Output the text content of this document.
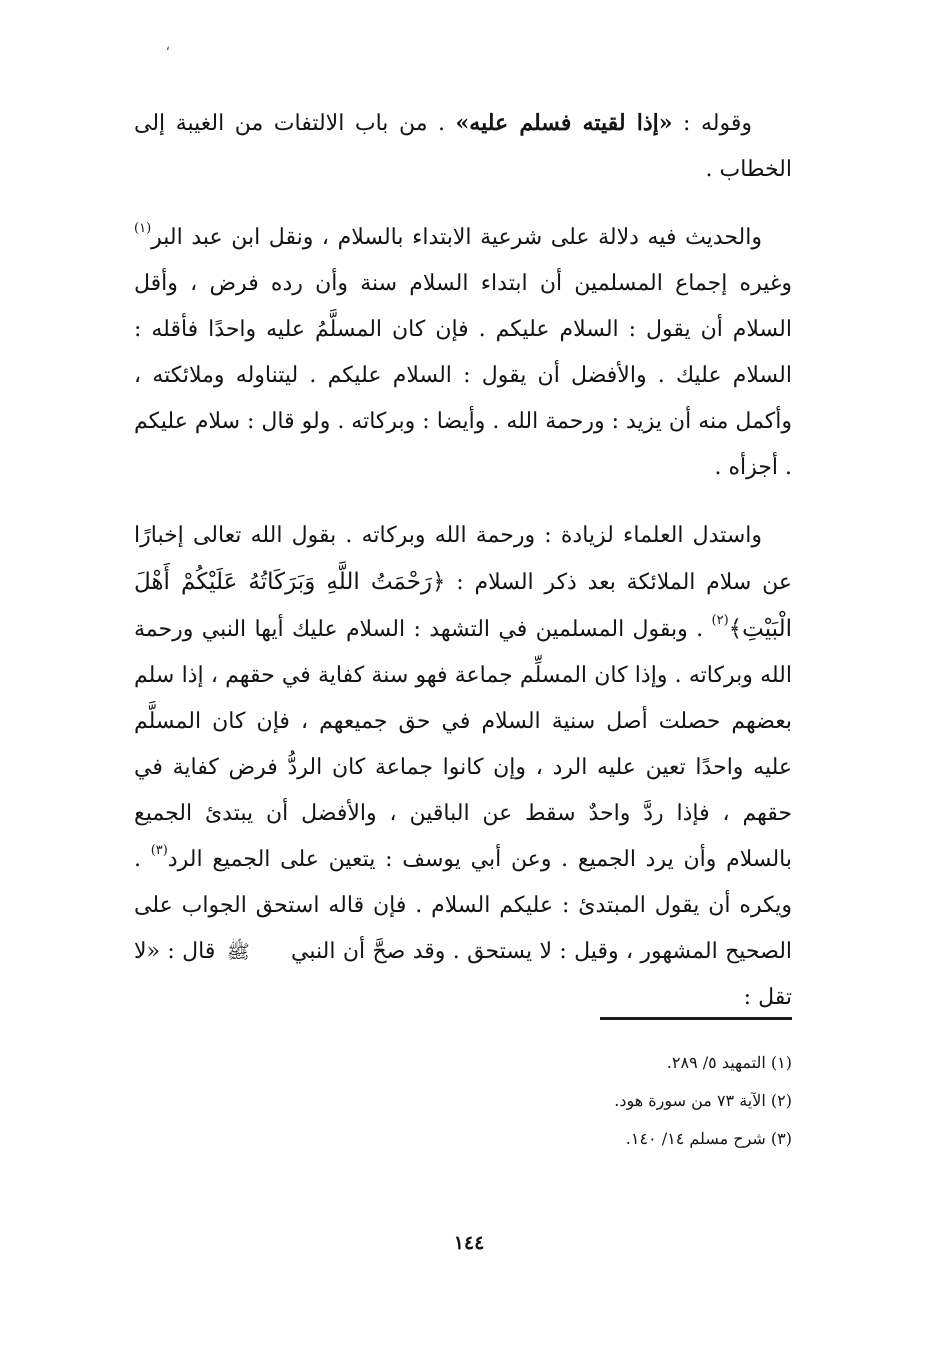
،

وقوله : «إذا لقيته فسلم عليه» . من باب الالتفات من الغيبة إلى الخطاب .

والحديث فيه دلالة على شرعية الابتداء بالسلام ، ونقل ابن عبد البر$^{(١)}$ وغيره إجماع المسلمين أن ابتداء السلام سنة وأن رده فرض ، وأقل السلام أن يقول : السلام عليكم . فإن كان المسلَّمُ عليه واحدًا فأقله : السلام عليك . والأفضل أن يقول : السلام عليكم . ليتناوله وملائكته ، وأكمل منه أن يزيد : ورحمة الله . وأيضا : وبركاته . ولو قال : سلام عليكم . أجزأه .

واستدل العلماء لزيادة : ورحمة الله وبركاته . بقول الله تعالى إخبارًا عن سلام الملائكة بعد ذكر السلام : ﴿رَحْمَتُ اللَّهِ وَبَرَكَاتُهُ عَلَيْكُمْ أَهْلَ الْبَيْتِ﴾$^{(٢)}$ . وبقول المسلمين في التشهد : السلام عليك أيها النبي ورحمة الله وبركاته . وإذا كان المسلِّم جماعة فهو سنة كفاية في حقهم ، إذا سلم بعضهم حصلت أصل سنية السلام في حق جميعهم ، فإن كان المسلَّم عليه واحدًا تعين عليه الرد ، وإن كانوا جماعة كان الردُّ فرض كفاية في حقهم ، فإذا ردَّ واحدٌ سقط عن الباقين ، والأفضل أن يبتدئ الجميع بالسلام وأن يرد الجميع . وعن أبي يوسف : يتعين على الجميع الرد$^{(٣)}$ . ويكره أن يقول المبتدئ : عليكم السلام . فإن قاله استحق الجواب على الصحيح المشهور ، وقيل : لا يستحق . وقد صحَّ أن النبي ﷺ قال : «لا تقل :

(١) التمهيد ٥/ ٢٨٩.
(٢) الآية ٧٣ من سورة هود.
(٣) شرح مسلم ١٤/ ١٤٠.
١٤٤
